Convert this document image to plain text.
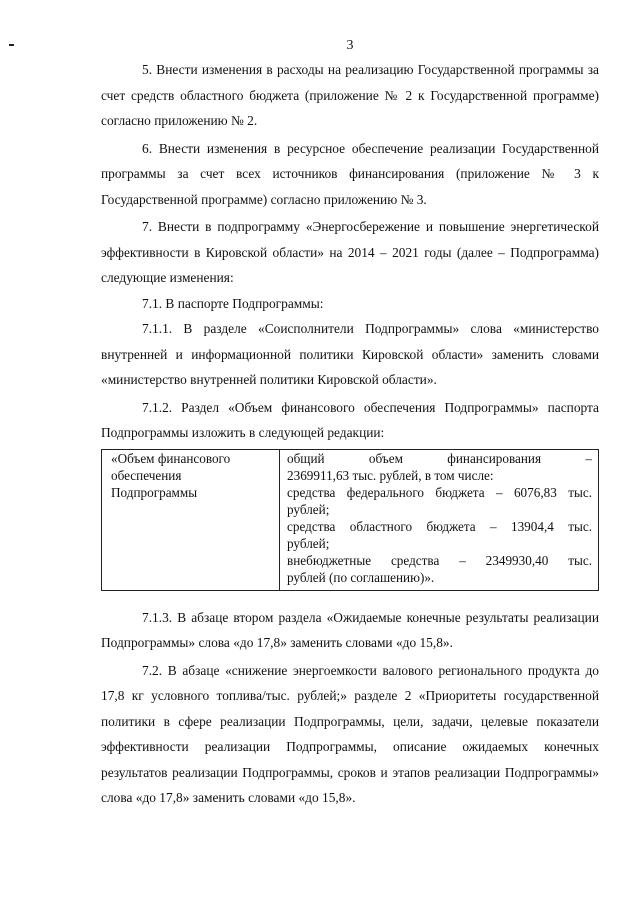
3

5. Внести изменения в расходы на реализацию Государственной программы за счет средств областного бюджета (приложение № 2 к Государственной программе) согласно приложению № 2.

6. Внести изменения в ресурсное обеспечение реализации Государственной программы за счет всех источников финансирования (приложение № 3 к Государственной программе) согласно приложению № 3.

7. Внести в подпрограмму «Энергосбережение и повышение энергетической эффективности в Кировской области» на 2014 – 2021 годы (далее – Подпрограмма) следующие изменения:

7.1. В паспорте Подпрограммы:

7.1.1. В разделе «Соисполнители Подпрограммы» слова «министерство внутренней и информационной политики Кировской области» заменить словами «министерство внутренней политики Кировской области».

7.1.2. Раздел «Объем финансового обеспечения Подпрограммы» паспорта Подпрограммы изложить в следующей редакции:

«Объем финансового
обеспечения
Подпрограммы
общий объем финансирования –
2369911,63 тыс. рублей, в том числе:
средства федерального бюджета – 6076,83 тыс.
рублей;
средства областного бюджета – 13904,4 тыс.
рублей;
внебюджетные средства – 2349930,40 тыс.
рублей (по соглашению)».

7.1.3. В абзаце втором раздела «Ожидаемые конечные результаты реализации Подпрограммы» слова «до 17,8» заменить словами «до 15,8».

7.2. В абзаце «снижение энергоемкости валового регионального продукта до 17,8 кг условного топлива/тыс. рублей;» разделе 2 «Приоритеты государственной политики в сфере реализации Подпрограммы, цели, задачи, целевые показатели эффективности реализации Подпрограммы, описание ожидаемых конечных результатов реализации Подпрограммы, сроков и этапов реализации Подпрограммы» слова «до 17,8» заменить словами «до 15,8».
